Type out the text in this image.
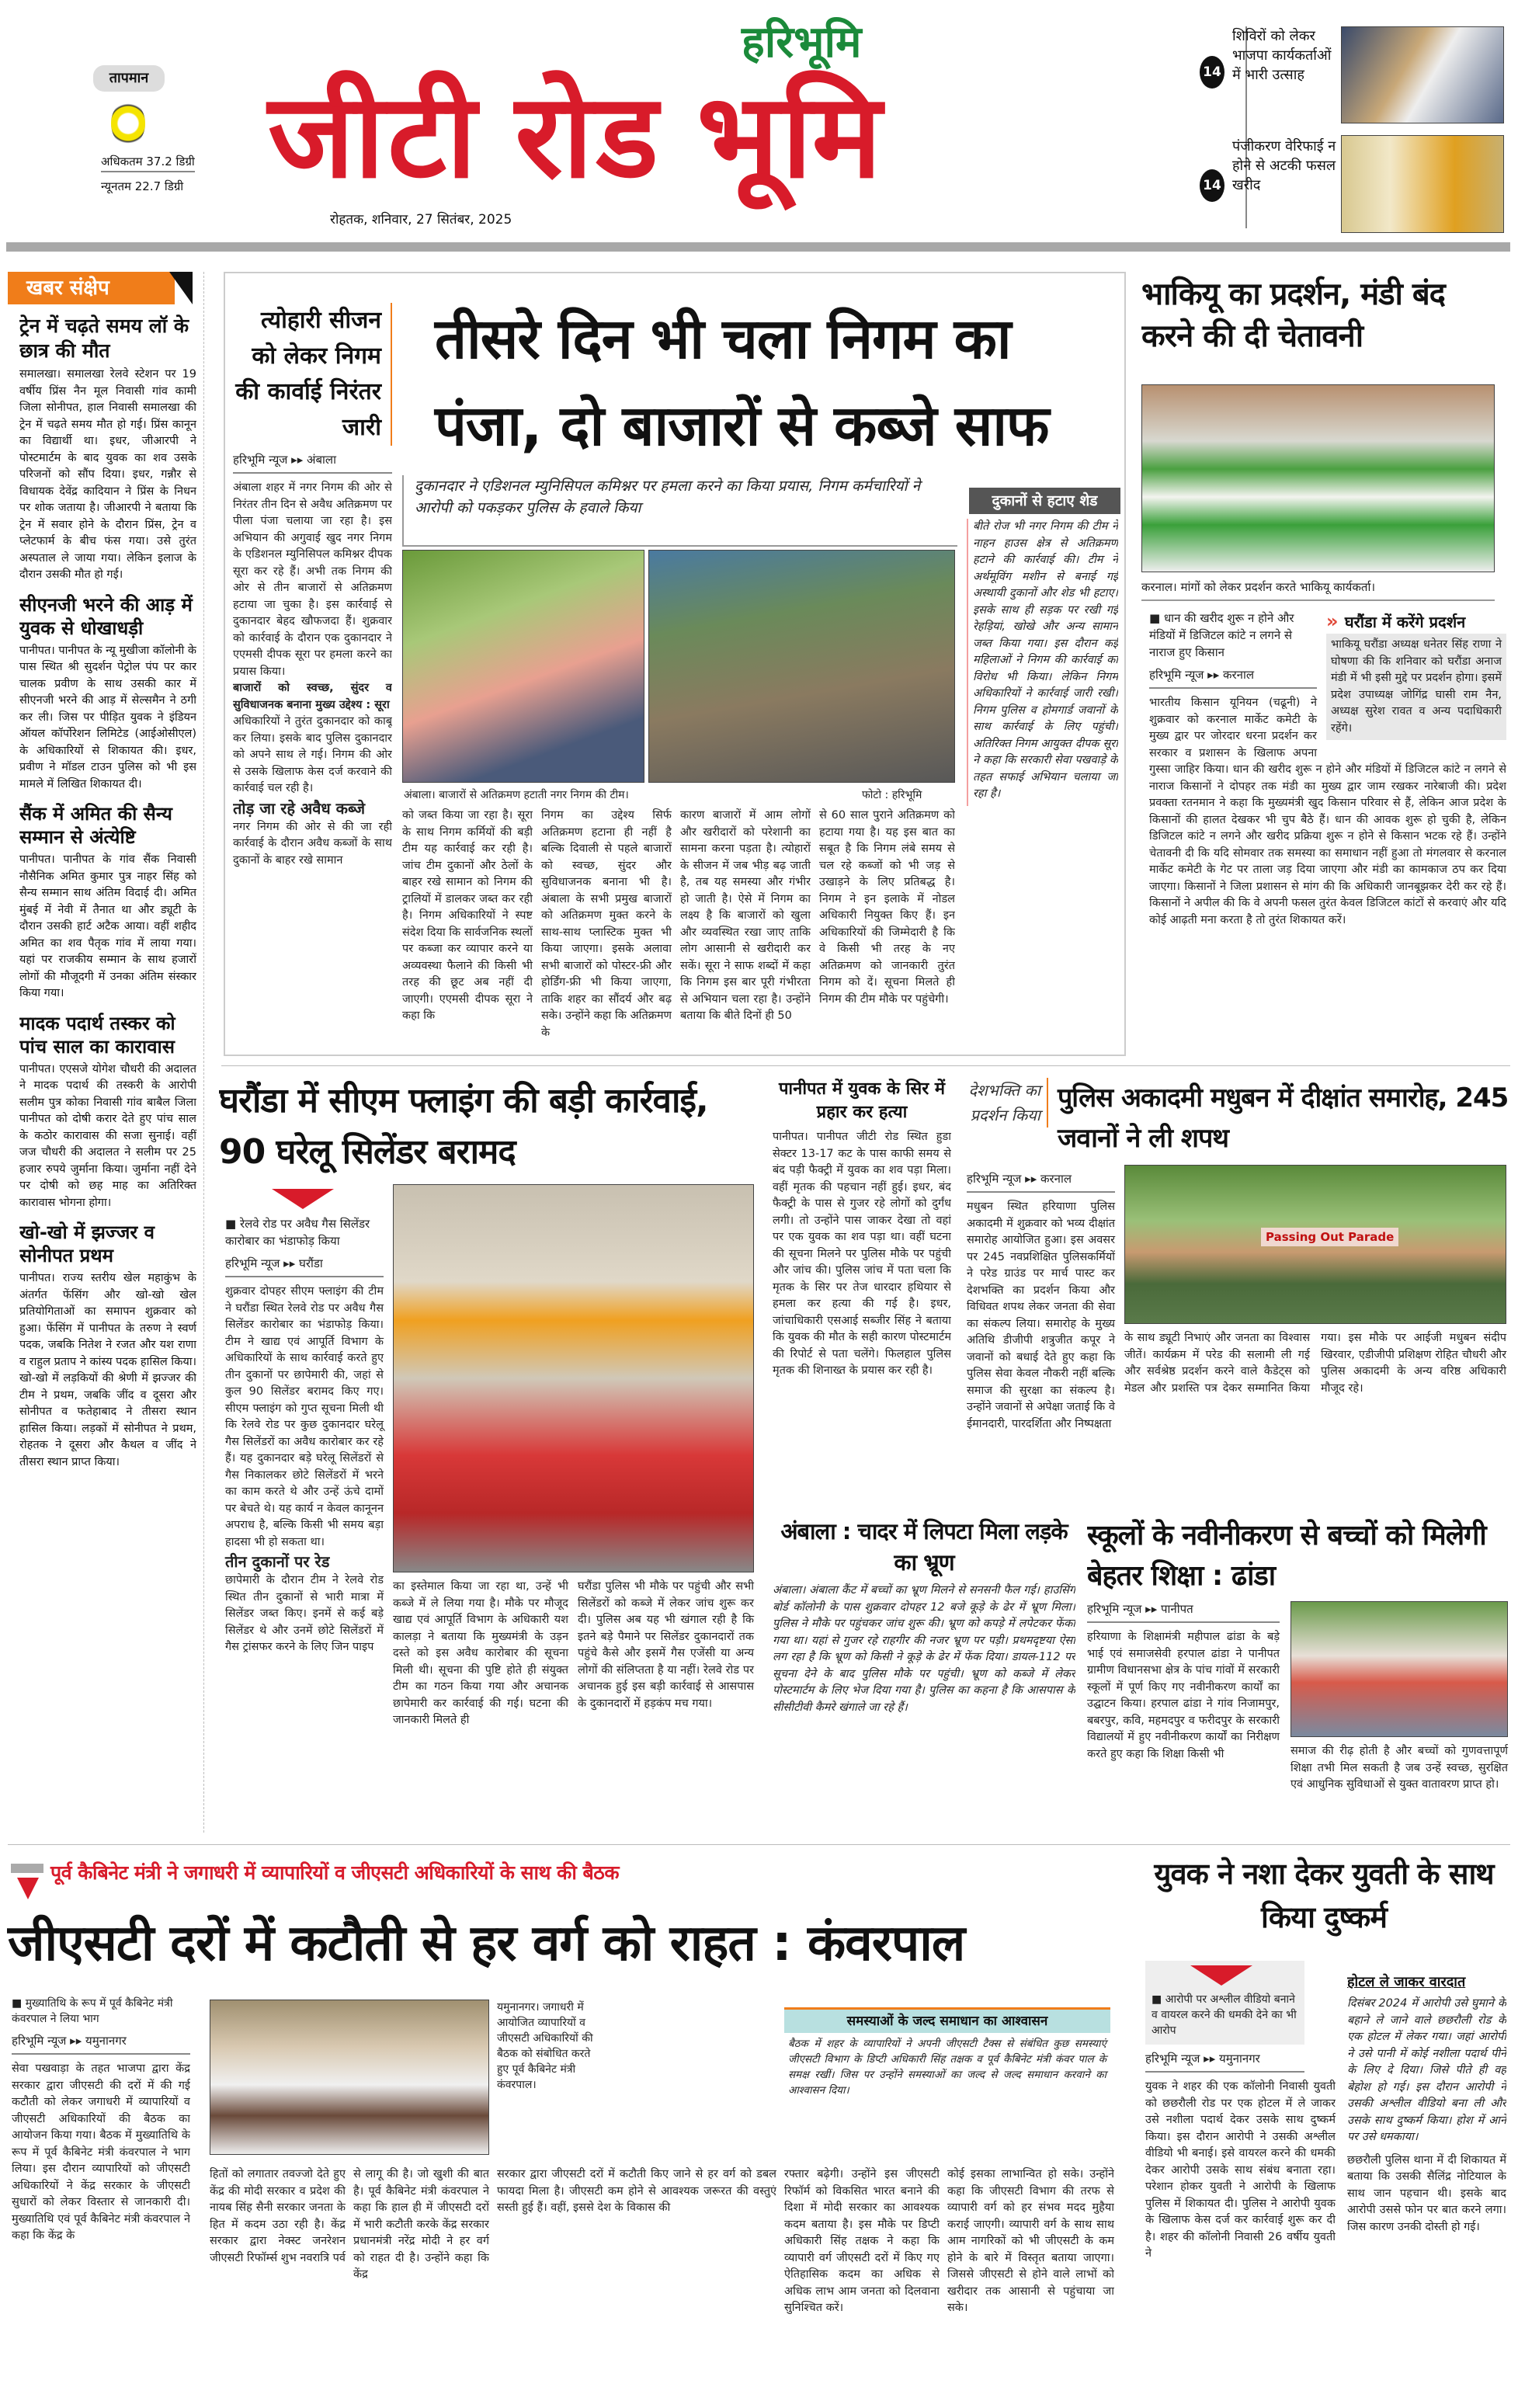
तापमान
अधिकतम 37.2 डिग्री
न्यूनतम 22.7 डिग्री
हरिभूमि
जीटी रोड भूमि
रोहतक, शनिवार, 27 सितंबर, 2025
14
शिविरों को लेकर भाजपा कार्यकर्ताओं में भारी उत्साह
14
पंजीकरण वेरिफाई न होने से अटकी फसल खरीद
खबर संक्षेप
ट्रेन में चढ़ते समय लॉ के छात्र की मौत
समालखा। समालखा रेलवे स्टेशन पर 19 वर्षीय प्रिंस नैन मूल निवासी गांव कामी जिला सोनीपत, हाल निवासी समालखा की ट्रेन में चढ़ते समय मौत हो गई। प्रिंस कानून का विद्यार्थी था। इधर, जीआरपी ने पोस्टमार्टम के बाद युवक का शव उसके परिजनों को सौंप दिया। इधर, गन्नौर से विधायक देवेंद्र कादियान ने प्रिंस के निधन पर शोक जताया है। जीआरपी ने बताया कि ट्रेन में सवार होने के दौरान प्रिंस, ट्रेन व प्लेटफार्म के बीच फंस गया। उसे तुरंत अस्पताल ले जाया गया। लेकिन इलाज के दौरान उसकी मौत हो गई।
सीएनजी भरने की आड़ में युवक से धोखाधड़ी
पानीपत। पानीपत के न्यू मुखीजा कॉलोनी के पास स्थित श्री सुदर्शन पेट्रोल पंप पर कार चालक प्रवीण के साथ उसकी कार में सीएनजी भरने की आड़ में सेल्समैन ने ठगी कर ली। जिस पर पीड़ित युवक ने इंडियन ऑयल कॉर्पोरेशन लिमिटेड (आईओसीएल) के अधिकारियों से शिकायत की। इधर, प्रवीण ने मॉडल टाउन पुलिस को भी इस मामले में लिखित शिकायत दी।
सैंक में अमित की सैन्य सम्मान से अंत्येष्टि
पानीपत। पानीपत के गांव सैंक निवासी नौसैनिक अमित कुमार पुत्र नाहर सिंह को सैन्य सम्मान साथ अंतिम विदाई दी। अमित मुंबई में नेवी में तैनात था और ड्यूटी के दौरान उसकी हार्ट अटैक आया। वहीं शहीद अमित का शव पैतृक गांव में लाया गया। यहां पर राजकीय सम्मान के साथ हजारों लोगों की मौजूदगी में उनका अंतिम संस्कार किया गया।
मादक पदार्थ तस्कर को पांच साल का कारावास
पानीपत। एएसजे योगेश चौधरी की अदालत ने मादक पदार्थ की तस्करी के आरोपी सलीम पुत्र कोका निवासी गांव बाबैल जिला पानीपत को दोषी करार देते हुए पांच साल के कठोर कारावास की सजा सुनाई। वहीं जज चौधरी की अदालत ने सलीम पर 25 हजार रुपये जुर्माना किया। जुर्माना नहीं देने पर दोषी को छह माह का अतिरिक्त कारावास भोगना होगा।
खो-खो में झज्जर व सोनीपत प्रथम
पानीपत। राज्य स्तरीय खेल महाकुंभ के अंतर्गत फेंसिंग और खो-खो खेल प्रतियोगिताओं का समापन शुक्रवार को हुआ। फेंसिंग में पानीपत के तरुण ने स्वर्ण पदक, जबकि नितेश ने रजत और यश राणा व राहुल प्रताप ने कांस्य पदक हासिल किया। खो-खो में लड़कियों की श्रेणी में झज्जर की टीम ने प्रथम, जबकि जींद व दूसरा और सोनीपत व फतेहाबाद ने तीसरा स्थान हासिल किया। लड़कों में सोनीपत ने प्रथम, रोहतक ने दूसरा और कैथल व जींद ने तीसरा स्थान प्राप्त किया।
त्योहारी सीजन को लेकर निगम की कार्वाई निरंतर जारी
हरिभूमि न्यूज ▸▸ अंबाला

अंबाला शहर में नगर निगम की ओर से निरंतर तीन दिन से अवैध अतिक्रमण पर पीला पंजा चलाया जा रहा है। इस अभियान की अगुवाई खुद नगर निगम के एडिशनल म्युनिसिपल कमिश्नर दीपक सूरा कर रहे हैं। अभी तक निगम की ओर से तीन बाजारों से अतिक्रमण हटाया जा चुका है। इस कार्रवाई से दुकानदार बेहद खौफजदा हैं। शुक्रवार को कार्रवाई के दौरान एक दुकानदार ने एएमसी दीपक सूरा पर हमला करने का प्रयास किया।

बाजारों को स्वच्छ, सुंदर व सुविधाजनक बनाना मुख्य उद्देश्य : सूरा

अधिकारियों ने तुरंत दुकानदार को काबू कर लिया। इसके बाद पुलिस दुकानदार को अपने साथ ले गई। निगम की ओर से उसके खिलाफ केस दर्ज करवाने की कार्रवाई चल रही है।

तोड़ जा रहे अवैध कब्जे

नगर निगम की ओर से की जा रही कार्रवाई के दौरान अवैध कब्जों के साथ दुकानों के बाहर रखे सामान

तीसरे दिन भी चला निगम का
पंजा, दो बाजारों से कब्जे साफ
दुकानदार ने एडिशनल म्युनिसिपल कमिश्नर पर हमला करने का किया प्रयास, निगम कर्मचारियों ने आरोपी को पकड़कर पुलिस के हवाले किया
अंबाला। बाजारों से अतिक्रमण हटाती नगर निगम की टीम।	फोटो : हरिभूमि
को जब्त किया जा रहा है। सूरा के साथ निगम कर्मियों की बड़ी टीम यह कार्रवाई कर रही है। जांच टीम दुकानों और ठेलों के बाहर रखे सामान को निगम की ट्रालियों में डालकर जब्त कर रही है। निगम अधिकारियों ने स्पष्ट संदेश दिया कि सार्वजनिक स्थलों पर कब्जा कर व्यापार करने या अव्यवस्था फैलाने की किसी भी तरह की छूट अब नहीं दी जाएगी। एएमसी दीपक सूरा ने कहा कि
निगम का उद्देश्य सिर्फ अतिक्रमण हटाना ही नहीं है बल्कि दिवाली से पहले बाजारों को स्वच्छ, सुंदर और सुविधाजनक बनाना भी है। अंबाला के सभी प्रमुख बाजारों को अतिक्रमण मुक्त करने के साथ-साथ प्लास्टिक मुक्त भी किया जाएगा। इसके अलावा सभी बाजारों को पोस्टर-फ्री और होर्डिंग-फ्री भी किया जाएगा, ताकि शहर का सौंदर्य और बढ़ सके। उन्होंने कहा कि अतिक्रमण के
कारण बाजारों में आम लोगों और खरीदारों को परेशानी का सामना करना पड़ता है। त्योहारों के सीजन में जब भीड़ बढ़ जाती है, तब यह समस्या और गंभीर हो जाती है। ऐसे में निगम का लक्ष्य है कि बाजारों को खुला और व्यवस्थित रखा जाए ताकि लोग आसानी से खरीदारी कर सकें। सूरा ने साफ शब्दों में कहा कि निगम इस बार पूरी गंभीरता से अभियान चला रहा है। उन्होंने बताया कि बीते दिनों ही 50
से 60 साल पुराने अतिक्रमण को हटाया गया है। यह इस बात का सबूत है कि निगम लंबे समय से चल रहे कब्जों को भी जड़ से उखाड़ने के लिए प्रतिबद्ध है। निगम ने इन इलाके में नोडल अधिकारी नियुक्त किए हैं। इन अधिकारियों की जिम्मेदारी है कि वे किसी भी तरह के नए अतिक्रमण को जानकारी तुरंत निगम को दें। सूचना मिलते ही निगम की टीम मौके पर पहुंचेगी।
दुकानों से हटाए शेड
बीते रोज भी नगर निगम की टीम ने नाहन हाउस क्षेत्र से अतिक्रमण हटाने की कार्रवाई की। टीम ने अर्थमूविंग मशीन से बनाई गई अस्थायी दुकानों और शेड भी हटाए। इसके साथ ही सड़क पर रखी गई रेहड़ियां, खोखे और अन्य सामान जब्त किया गया। इस दौरान कई महिलाओं ने निगम की कार्रवाई का विरोध भी किया। लेकिन निगम अधिकारियों ने कार्रवाई जारी रखी। निगम पुलिस व होमगार्ड जवानों के साथ कार्रवाई के लिए पहुंची। अतिरिक्त निगम आयुक्त दीपक सूरा ने कहा कि सरकारी सेवा पखवाड़े के तहत सफाई अभियान चलाया जा रहा है।
भाकियू का प्रदर्शन, मंडी बंद करने की दी चेतावनी
करनाल। मांगों को लेकर प्रदर्शन करते भाकियू कार्यकर्ता।
» घरौंडा में करेंगे प्रदर्शन
भाकियू घरौंडा अध्यक्ष धनेतर सिंह राणा ने घोषणा की कि शनिवार को घरौंडा अनाज मंडी में भी इसी मुद्दे पर प्रदर्शन होगा। इसमें प्रदेश उपाध्यक्ष जोगिंद्र घासी राम नैन, अध्यक्ष सुरेश रावत व अन्य पदाधिकारी रहेंगे।
■ धान की खरीद शुरू न होने और मंडियों में डिजिटल कांटे न लगने से नाराज हुए किसान
हरिभूमि न्यूज ▸▸ करनाल
भारतीय किसान यूनियन (चढूनी) ने शुक्रवार को करनाल मार्केट कमेटी के मुख्य द्वार पर जोरदार धरना प्रदर्शन कर सरकार व प्रशासन के खिलाफ अपना गुस्सा जाहिर किया। धान की खरीद शुरू न होने और मंडियों में डिजिटल कांटे न लगने से नाराज किसानों ने दोपहर तक मंडी का मुख्य द्वार जाम रखकर नारेबाजी की। प्रदेश प्रवक्ता रतनमान ने कहा कि मुख्यमंत्री खुद किसान परिवार से हैं, लेकिन आज प्रदेश के किसानों की हालत देखकर भी चुप बैठे हैं। धान की आवक शुरू हो चुकी है, लेकिन डिजिटल कांटे न लगने और खरीद प्रक्रिया शुरू न होने से किसान भटक रहे हैं। उन्होंने चेतावनी दी कि यदि सोमवार तक समस्या का समाधान नहीं हुआ तो मंगलवार से करनाल मार्केट कमेटी के गेट पर ताला जड़ दिया जाएगा और मंडी का कामकाज ठप कर दिया जाएगा। किसानों ने जिला प्रशासन से मांग की कि अधिकारी जानबूझकर देरी कर रहे हैं। किसानों ने अपील की कि वे अपनी फसल तुरंत केवल डिजिटल कांटों से करवाएं और यदि कोई आढ़ती मना करता है तो तुरंत शिकायत करें।
घरौंडा में सीएम फ्लाइंग की बड़ी कार्रवाई, 90 घरेलू सिलेंडर बरामद
■ रेलवे रोड पर अवैध गैस सिलेंडर कारोबार का भंडाफोड़ किया
हरिभूमि न्यूज ▸▸ घरौंडा

शुक्रवार दोपहर सीएम फ्लाइंग की टीम ने घरौंडा स्थित रेलवे रोड पर अवैध गैस सिलेंडर कारोबार का भंडाफोड़ किया। टीम ने खाद्य एवं आपूर्ति विभाग के अधिकारियों के साथ कार्रवाई करते हुए तीन दुकानों पर छापेमारी की, जहां से कुल 90 सिलेंडर बरामद किए गए। सीएम फ्लाइंग को गुप्त सूचना मिली थी कि रेलवे रोड पर कुछ दुकानदार घरेलू गैस सिलेंडरों का अवैध कारोबार कर रहे हैं। यह दुकानदार बड़े घरेलू सिलेंडरों से गैस निकालकर छोटे सिलेंडरों में भरने का काम करते थे और उन्हें ऊंचे दामों पर बेचते थे। यह कार्य न केवल कानूनन अपराध है, बल्कि किसी भी समय बड़ा हादसा भी हो सकता था।

तीन दुकानों पर रेड

छापेमारी के दौरान टीम ने रेलवे रोड स्थित तीन दुकानों से भारी मात्रा में सिलेंडर जब्त किए। इनमें से कई बड़े सिलेंडर थे और उनमें छोटे सिलेंडरों में गैस ट्रांसफर करने के लिए जिन पाइप

का इस्तेमाल किया जा रहा था, उन्हें भी कब्जे में ले लिया गया है। मौके पर मौजूद खाद्य एवं आपूर्ति विभाग के अधिकारी यश कालड़ा ने बताया कि मुख्यमंत्री के उड़न दस्ते को इस अवैध कारोबार की सूचना मिली थी। सूचना की पुष्टि होते ही संयुक्त टीम का गठन किया गया और अचानक छापेमारी कर कार्रवाई की गई। घटना की जानकारी मिलते ही
घरौंडा पुलिस भी मौके पर पहुंची और सभी सिलेंडरों को कब्जे में लेकर जांच शुरू कर दी। पुलिस अब यह भी खंगाल रही है कि इतने बड़े पैमाने पर सिलेंडर दुकानदारों तक पहुंचे कैसे और इसमें गैस एजेंसी या अन्य लोगों की संलिप्तता है या नहीं। रेलवे रोड पर अचानक हुई इस बड़ी कार्रवाई से आसपास के दुकानदारों में हड़कंप मच गया।
पानीपत में युवक के सिर में प्रहार कर हत्या
पानीपत। पानीपत जीटी रोड स्थित हुडा सेक्टर 13-17 कट के पास काफी समय से बंद पड़ी फैक्ट्री में युवक का शव पड़ा मिला। वहीं मृतक की पहचान नहीं हुई। इधर, बंद फैक्ट्री के पास से गुजर रहे लोगों को दुर्गंध लगी। तो उन्होंने पास जाकर देखा तो वहां पर एक युवक का शव पड़ा था। वहीं घटना की सूचना मिलने पर पुलिस मौके पर पहुंची और जांच की। पुलिस जांच में पता चला कि मृतक के सिर पर तेज धारदार हथियार से हमला कर हत्या की गई है। इधर, जांचाधिकारी एसआई सब्जीर सिंह ने बताया कि युवक की मौत के सही कारण पोस्टमार्टम की रिपोर्ट से पता चलेंगे। फिलहाल पुलिस मृतक की शिनाख्त के प्रयास कर रही है।
देशभक्ति का प्रदर्शन किया
पुलिस अकादमी मधुबन में दीक्षांत समारोह, 245 जवानों ने ली शपथ
हरिभूमि न्यूज ▸▸ करनाल
मधुबन स्थित हरियाणा पुलिस अकादमी में शुक्रवार को भव्य दीक्षांत समारोह आयोजित हुआ। इस अवसर पर 245 नवप्रशिक्षित पुलिसकर्मियों ने परेड ग्राउंड पर मार्च पास्ट कर देशभक्ति का प्रदर्शन किया और विधिवत शपथ लेकर जनता की सेवा का संकल्प लिया। समारोह के मुख्य अतिथि डीजीपी शत्रुजीत कपूर ने जवानों को बधाई देते हुए कहा कि पुलिस सेवा केवल नौकरी नहीं बल्कि समाज की सुरक्षा का संकल्प है। उन्होंने जवानों से अपेक्षा जताई कि वे ईमानदारी, पारदर्शिता और निष्पक्षता
Passing Out Parade
के साथ ड्यूटी निभाएं और जनता का विश्वास जीतें। कार्यक्रम में परेड की सलामी ली गई और सर्वश्रेष्ठ प्रदर्शन करने वाले कैडेट्स को मेडल और प्रशस्ति पत्र देकर सम्मानित किया गया। इस मौके पर आईजी मधुबन संदीप खिरवार, एडीजीपी प्रशिक्षण रोहित चौधरी और पुलिस अकादमी के अन्य वरिष्ठ अधिकारी मौजूद रहे।
अंबाला : चादर में लिपटा मिला लड़के का भ्रूण
अंबाला। अंबाला कैंट में बच्चों का भ्रूण मिलने से सनसनी फैल गई। हाउसिंग बोर्ड कॉलोनी के पास शुक्रवार दोपहर 12 बजे कूड़े के ढेर में भ्रूण मिला। पुलिस ने मौके पर पहुंचकर जांच शुरू की। भ्रूण को कपड़े में लपेटकर फेंका गया था। यहां से गुजर रहे राहगीर की नजर भ्रूण पर पड़ी। प्रथमदृष्टया ऐसा लग रहा है कि भ्रूण को किसी ने कूड़े के ढेर में फेंक दिया। डायल-112 पर सूचना देने के बाद पुलिस मौके पर पहुंची। भ्रूण को कब्जे में लेकर पोस्टमार्टम के लिए भेज दिया गया है। पुलिस का कहना है कि आसपास के सीसीटीवी कैमरे खंगाले जा रहे हैं।
स्कूलों के नवीनीकरण से बच्चों को मिलेगी बेहतर शिक्षा : ढांडा
हरिभूमि न्यूज ▸▸ पानीपत
हरियाणा के शिक्षामंत्री महीपाल ढांडा के बड़े भाई एवं समाजसेवी हरपाल ढांडा ने पानीपत ग्रामीण विधानसभा क्षेत्र के पांच गांवों में सरकारी स्कूलों में पूर्ण किए गए नवीनीकरण कार्यों का उद्घाटन किया। हरपाल ढांडा ने गांव निजामपुर, बबरपुर, कवि, महमदपुर व फरीदपुर के सरकारी विद्यालयों में हुए नवीनीकरण कार्यों का निरीक्षण करते हुए कहा कि शिक्षा किसी भी	समाज की रीढ़ होती है और बच्चों को गुणवत्तापूर्ण शिक्षा तभी मिल सकती है जब उन्हें स्वच्छ, सुरक्षित एवं आधुनिक सुविधाओं से युक्त वातावरण प्राप्त हो।
पूर्व कैबिनेट मंत्री ने जगाधरी में व्यापारियों व जीएसटी अधिकारियों के साथ की बैठक
जीएसटी दरों में कटौती से हर वर्ग को राहत : कंवरपाल
■ मुख्यातिथि के रूप में पूर्व कैबिनेट मंत्री कंवरपाल ने लिया भाग
हरिभूमि न्यूज ▸▸ यमुनानगर
सेवा पखवाड़ा के तहत भाजपा द्वारा केंद्र सरकार द्वारा जीएसटी की दरों में की गई कटौती को लेकर जगाधरी में व्यापारियों व जीएसटी अधिकारियों की बैठक का आयोजन किया गया। बैठक में मुख्यातिथि के रूप में पूर्व कैबिनेट मंत्री कंवरपाल ने भाग लिया। इस दौरान व्यापारियों को जीएसटी अधिकारियों ने केंद्र सरकार के जीएसटी सुधारों को लेकर विस्तार से जानकारी दी। मुख्यातिथि एवं पूर्व कैबिनेट मंत्री कंवरपाल ने कहा कि केंद्र के
यमुनानगर। जगाधरी में आयोजित व्यापारियों व जीएसटी अधिकारियों की बैठक को संबोधित करते हुए पूर्व कैबिनेट मंत्री कंवरपाल।
समस्याओं के जल्द समाधान का आश्वासन
बैठक में शहर के व्यापारियों ने अपनी जीएसटी टैक्स से संबंधित कुछ समस्याएं जीएसटी विभाग के डिप्टी अधिकारी सिंह तक्षक व पूर्व कैबिनेट मंत्री कंवर पाल के समक्ष रखीं। जिस पर उन्होंने समस्याओं का जल्द से जल्द समाधान करवाने का आश्वासन दिया।
हितों को लगातार तवज्जो देते हुए केंद्र की मोदी सरकार व प्रदेश की नायब सिंह सैनी सरकार जनता के हित में कदम उठा रही है। केंद्र सरकार द्वारा नेक्स्ट जनरेशन जीएसटी रिफॉर्म्स शुभ नवरात्रि पर्व
से लागू की है। जो खुशी की बात है। पूर्व कैबिनेट मंत्री कंवरपाल ने कहा कि हाल ही में जीएसटी दरों में भारी कटौती करके केंद्र सरकार प्रधानमंत्री नरेंद्र मोदी ने हर वर्ग को राहत दी है। उन्होंने कहा कि केंद्र
सरकार द्वारा जीएसटी दरों में कटौती किए जाने से हर वर्ग को डबल फायदा मिला है। जीएसटी कम होने से आवश्यक जरूरत की वस्तुएं सस्ती हुई हैं। वहीं, इससे देश के विकास की
रफ्तार बढ़ेगी। उन्होंने इस जीएसटी रिफॉर्म को विकसित भारत बनाने की दिशा में मोदी सरकार का आवश्यक कदम बताया है। इस मौके पर डिप्टी अधिकारी सिंह तक्षक ने कहा कि व्यापारी वर्ग जीएसटी दरों में किए गए ऐतिहासिक कदम का अधिक से अधिक लाभ आम जनता को दिलवाना सुनिश्चित करें।
कोई इसका लाभान्वित हो सके। उन्होंने कहा कि जीएसटी विभाग की तरफ से व्यापारी वर्ग को हर संभव मदद मुहैया कराई जाएगी। व्यापारी वर्ग के साथ साथ आम नागरिकों को भी जीएसटी के कम होने के बारे में विस्तृत बताया जाएगा। जिससे जीएसटी से होने वाले लाभों को खरीदार तक आसानी से पहुंचाया जा सके।
युवक ने नशा देकर युवती के साथ किया दुष्कर्म
■ आरोपी पर अश्लील वीडियो बनाने व वायरल करने की धमकी देने का भी आरोप
हरिभूमि न्यूज ▸▸ यमुनानगर
युवक ने शहर की एक कॉलोनी निवासी युवती को छछरौली रोड पर एक होटल में ले जाकर उसे नशीला पदार्थ देकर उसके साथ दुष्कर्म किया। इस दौरान आरोपी ने उसकी अश्लील वीडियो भी बनाई। इसे वायरल करने की धमकी देकर आरोपी उसके साथ संबंध बनाता रहा। परेशान होकर युवती ने आरोपी के खिलाफ पुलिस में शिकायत दी। पुलिस ने आरोपी युवक के खिलाफ केस दर्ज कर कार्रवाई शुरू कर दी है। शहर की कॉलोनी निवासी 26 वर्षीय युवती ने
होटल ले जाकर वारदात
दिसंबर 2024 में आरोपी उसे घुमाने के बहाने ले जाने वाले छछरौली रोड के एक होटल में लेकर गया। जहां आरोपी ने उसे पानी में कोई नशीला पदार्थ पीने के लिए दे दिया। जिसे पीते ही वह बेहोश हो गई। इस दौरान आरोपी ने उसकी अश्लील वीडियो बना ली और उसके साथ दुष्कर्म किया। होश में आने पर उसे धमकाया।
छछरौली पुलिस थाना में दी शिकायत में बताया कि उसकी सैलिंद्र नोटियाल के साथ जान पहचान थी। इसके बाद आरोपी उससे फोन पर बात करने लगा। जिस कारण उनकी दोस्ती हो गई।
